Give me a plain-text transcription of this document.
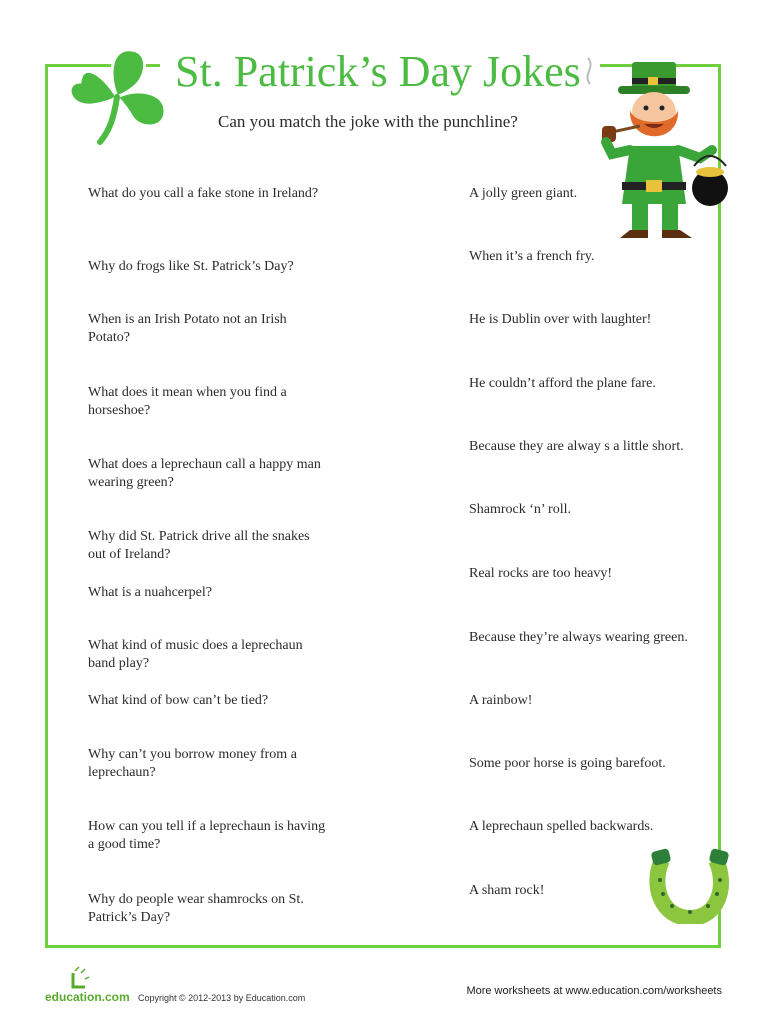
St. Patrick’s Day Jokes

Can you match the joke with the punchline?

What do you call a fake stone in Ireland?
Why do frogs like St. Patrick’s Day?
When is an Irish Potato not an Irish Potato?
What does it mean when you find a horseshoe?
What does a leprechaun call a happy man wearing green?
Why did St. Patrick drive all the snakes out of Ireland?
What is a nuahcerpel?
What kind of music does a leprechaun band play?
What kind of bow can’t be tied?
Why can’t you borrow money from a leprechaun?
How can you tell if a leprechaun is having a good time?
Why do people wear shamrocks on St. Patrick’s Day?
A jolly green giant.
When it’s a french fry.
He is Dublin over with laughter!
He couldn’t afford the plane fare.
Because they are alway s a little short.
Shamrock ‘n’ roll.
Real rocks are too heavy!
Because they’re always wearing green.
A rainbow!
Some poor horse is going barefoot.
A leprechaun spelled backwards.
A sham rock!
education.com Copyright © 2012-2013 by Education.com
More worksheets at www.education.com/worksheets
